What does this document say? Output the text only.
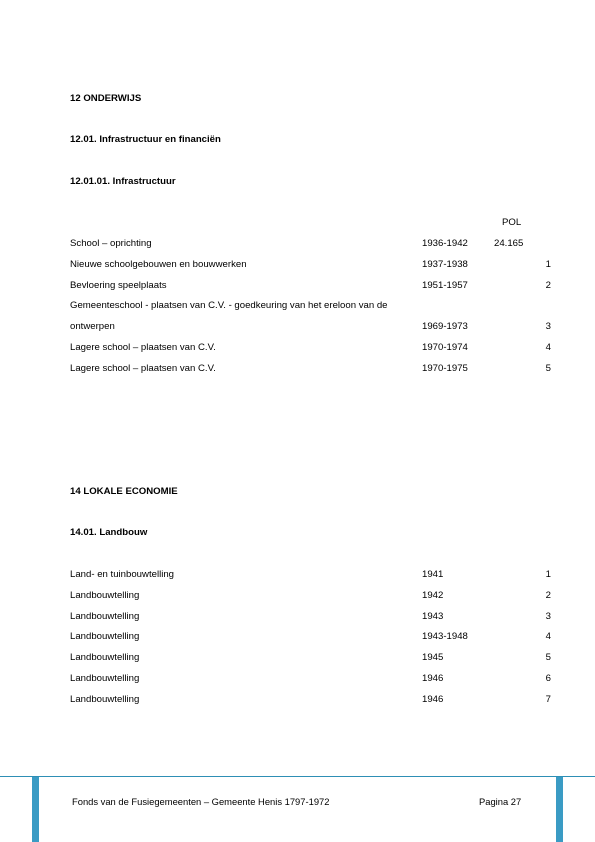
12 ONDERWIJS
12.01. Infrastructuur en financiën
12.01.01. Infrastructuur
POL
School – oprichting	1936-1942	24.165
Nieuwe schoolgebouwen en bouwwerken	1937-1938	1
Bevloering speelplaats	1951-1957	2
Gemeenteschool - plaatsen van C.V. - goedkeuring van het ereloon van de
ontwerpen	1969-1973	3
Lagere school – plaatsen van C.V.	1970-1974	4
Lagere school – plaatsen van C.V.	1970-1975	5
14 LOKALE ECONOMIE
14.01. Landbouw
Land- en tuinbouwtelling	1941	1
Landbouwtelling	1942	2
Landbouwtelling	1943	3
Landbouwtelling	1943-1948	4
Landbouwtelling	1945	5
Landbouwtelling	1946	6
Landbouwtelling	1946	7
Fonds van de Fusiegemeenten – Gemeente Henis 1797-1972	Pagina 27
